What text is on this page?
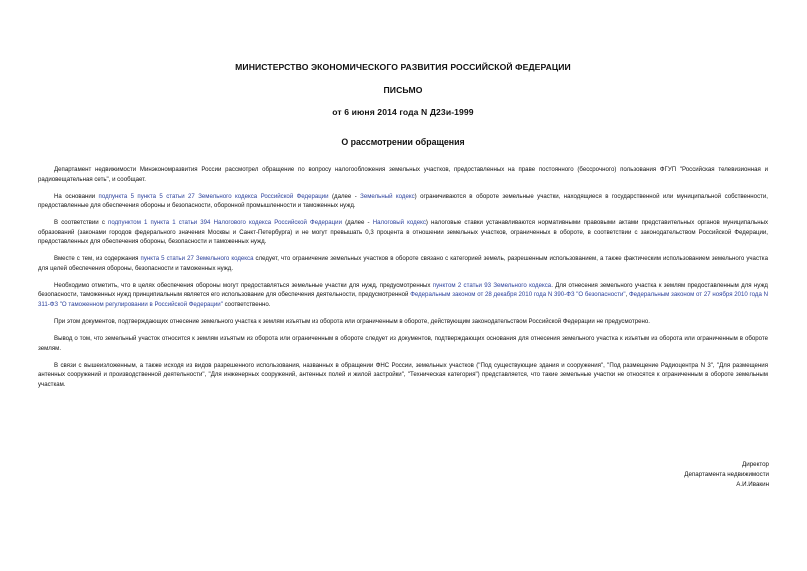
МИНИСТЕРСТВО ЭКОНОМИЧЕСКОГО РАЗВИТИЯ РОССИЙСКОЙ ФЕДЕРАЦИИ
ПИСЬМО
от 6 июня 2014 года N Д23и-1999
О рассмотрении обращения

Департамент недвижимости Минэкономразвития России рассмотрел обращение по вопросу налогообложения земельных участков, предоставленных на праве постоянного (бессрочного) пользования ФГУП "Российская телевизионная и радиовещательная сеть", и сообщает.

На основании подпункта 5 пункта 5 статьи 27 Земельного кодекса Российской Федерации (далее - Земельный кодекс) ограничиваются в обороте земельные участки, находящиеся в государственной или муниципальной собственности, предоставленные для обеспечения обороны и безопасности, оборонной промышленности и таможенных нужд.

В соответствии с подпунктом 1 пункта 1 статьи 394 Налогового кодекса Российской Федерации (далее - Налоговый кодекс) налоговые ставки устанавливаются нормативными правовыми актами представительных органов муниципальных образований (законами городов федерального значения Москвы и Санкт-Петербурга) и не могут превышать 0,3 процента в отношении земельных участков, ограниченных в обороте, в соответствии с законодательством Российской Федерации, предоставленных для обеспечения обороны, безопасности и таможенных нужд.

Вместе с тем, из содержания пункта 5 статьи 27 Земельного кодекса следует, что ограничение земельных участков в обороте связано с категорией земель, разрешенным использованием, а также фактическим использованием земельного участка для целей обеспечения обороны, безопасности и таможенных нужд.

Необходимо отметить, что в целях обеспечения обороны могут предоставляться земельные участки для нужд, предусмотренных пунктом 2 статьи 93 Земельного кодекса. Для отнесения земельного участка к землям предоставленным для нужд безопасности, таможенных нужд принципиальным является его использование для обеспечения деятельности, предусмотренной Федеральным законом от 28 декабря 2010 года N 390-ФЗ "О безопасности", Федеральным законом от 27 ноября 2010 года N 311-ФЗ "О таможенном регулировании в Российской Федерации" соответственно.

При этом документов, подтверждающих отнесение земельного участка к землям изъятым из оборота или ограниченным в обороте, действующим законодательством Российской Федерации не предусмотрено.

Вывод о том, что земельный участок относится к землям изъятым из оборота или ограниченным в обороте следует из документов, подтверждающих основания для отнесения земельного участка к изъятым из оборота или ограниченным в обороте землям.

В связи с вышеизложенным, а также исходя из видов разрешенного использования, названных в обращении ФНС России, земельных участков ("Под существующие здания и сооружения", "Под размещение Радиоцентра N 3", "Для размещения антенных сооружений и производственной деятельности", "Для инженерных сооружений, антенных полей и жилой застройки", "Техническая категория") представляется, что такие земельные участки не относятся к ограниченным в обороте земельным участкам.

Директор
Департамента недвижимости
А.И.Ивакин
